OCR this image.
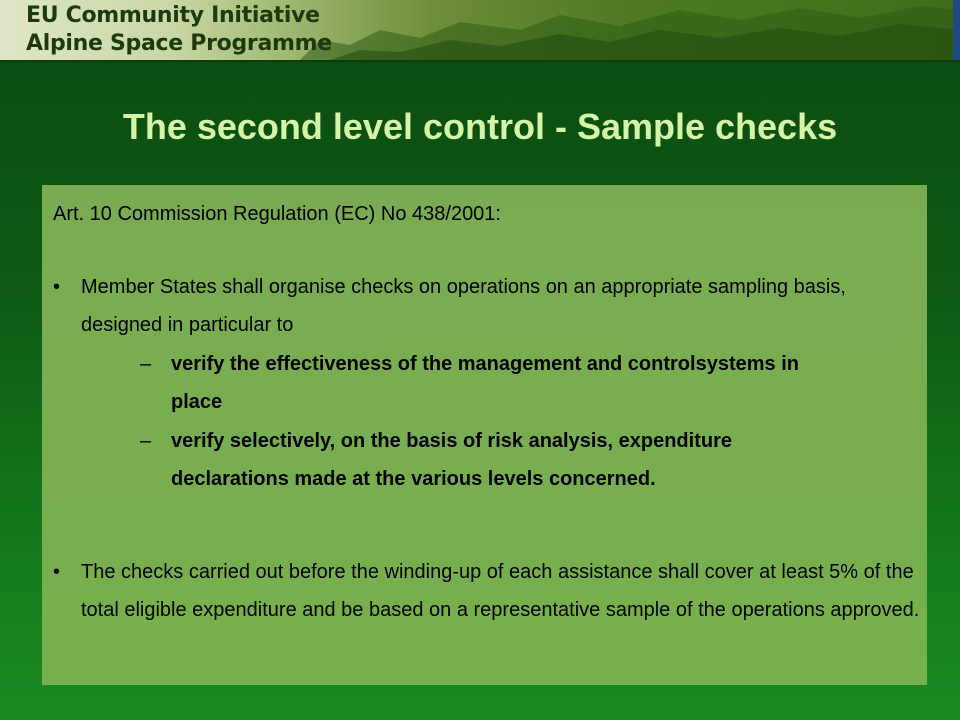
EU Community Initiative
Alpine Space Programme
The second level control - Sample checks
Art. 10 Commission Regulation (EC) No 438/2001:
•	Member States shall organise checks on operations on an appropriate sampling basis, designed in particular to
– verify the effectiveness of the management and controlsystems in place
– verify selectively, on the basis of risk analysis, expenditure declarations made at the various levels concerned.
•	The checks carried out before the winding-up of each assistance shall cover at least 5% of the total eligible expenditure and be based on a representative sample of the operations approved.
